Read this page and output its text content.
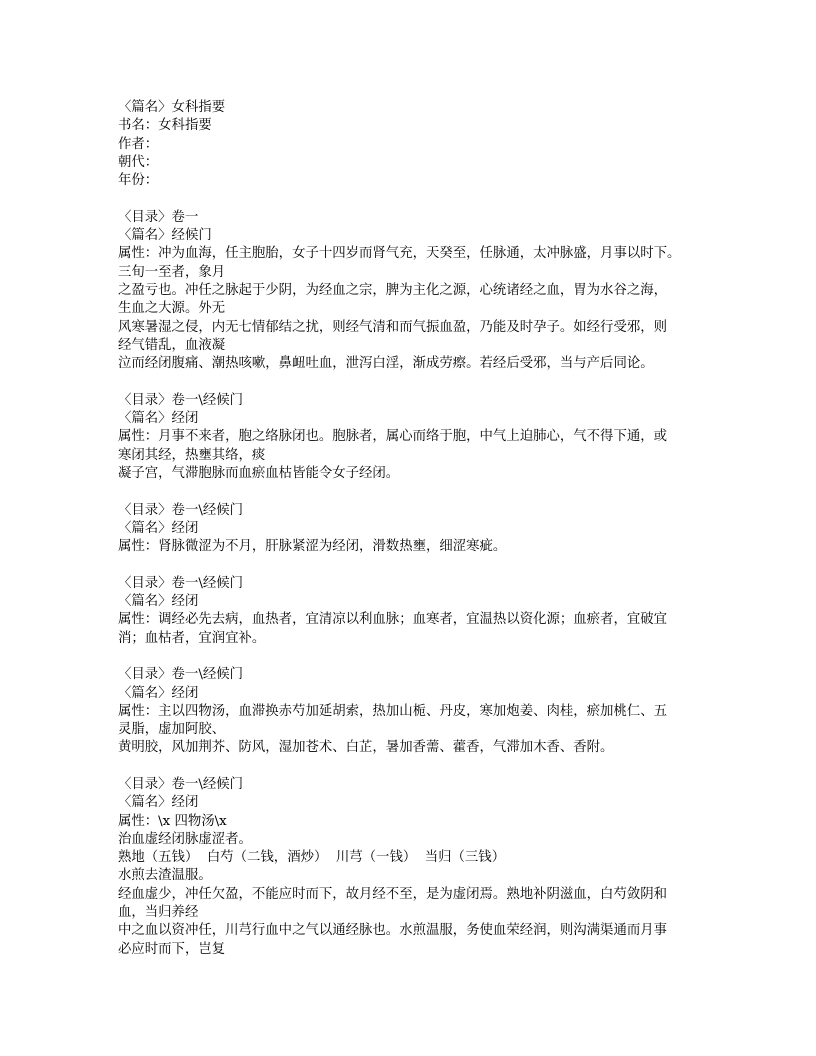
〈篇名〉女科指要
书名：女科指要
作者：
朝代：
年份：
〈目录〉卷一
〈篇名〉经候门
属性：冲为血海，任主胞胎，女子十四岁而肾气充，天癸至，任脉通，太冲脉盛，月事以时下。
三旬一至者，象月
之盈亏也。冲任之脉起于少阴，为经血之宗，脾为主化之源，心统诸经之血，胃为水谷之海，
生血之大源。外无
风寒暑湿之侵，内无七情郁结之扰，则经气清和而气振血盈，乃能及时孕子。如经行受邪，则
经气错乱，血液凝
泣而经闭腹痛、潮热咳嗽，鼻衄吐血，泄泻白淫，渐成劳瘵。若经后受邪，当与产后同论。
〈目录〉卷一\经候门
〈篇名〉经闭
属性：月事不来者，胞之络脉闭也。胞脉者，属心而络于胞，中气上迫肺心，气不得下通，或
寒闭其经，热壅其络，痰
凝子宫，气滞胞脉而血瘀血枯皆能令女子经闭。
〈目录〉卷一\经候门
〈篇名〉经闭
属性：肾脉微涩为不月，肝脉紧涩为经闭，滑数热壅，细涩寒疵。
〈目录〉卷一\经候门
〈篇名〉经闭
属性：调经必先去病，血热者，宜清凉以利血脉；血寒者，宜温热以资化源；血瘀者，宜破宜
消；血枯者，宜润宜补。
〈目录〉卷一\经候门
〈篇名〉经闭
属性：主以四物汤，血滞换赤芍加延胡索，热加山栀、丹皮，寒加炮姜、肉桂，瘀加桃仁、五
灵脂，虚加阿胶、
黄明胶，风加荆芥、防风，湿加苍术、白芷，暑加香薷、藿香，气滞加木香、香附。
〈目录〉卷一\经候门
〈篇名〉经闭
属性：\x 四物汤\x
治血虚经闭脉虚涩者。
熟地（五钱）  白芍（二钱，酒炒）  川芎（一钱）  当归（三钱）
水煎去渣温服。
经血虚少，冲任欠盈，不能应时而下，故月经不至，是为虚闭焉。熟地补阴滋血，白芍敛阴和
血，当归养经
中之血以资冲任，川芎行血中之气以通经脉也。水煎温服，务使血荣经润，则沟满渠通而月事
必应时而下，岂复
